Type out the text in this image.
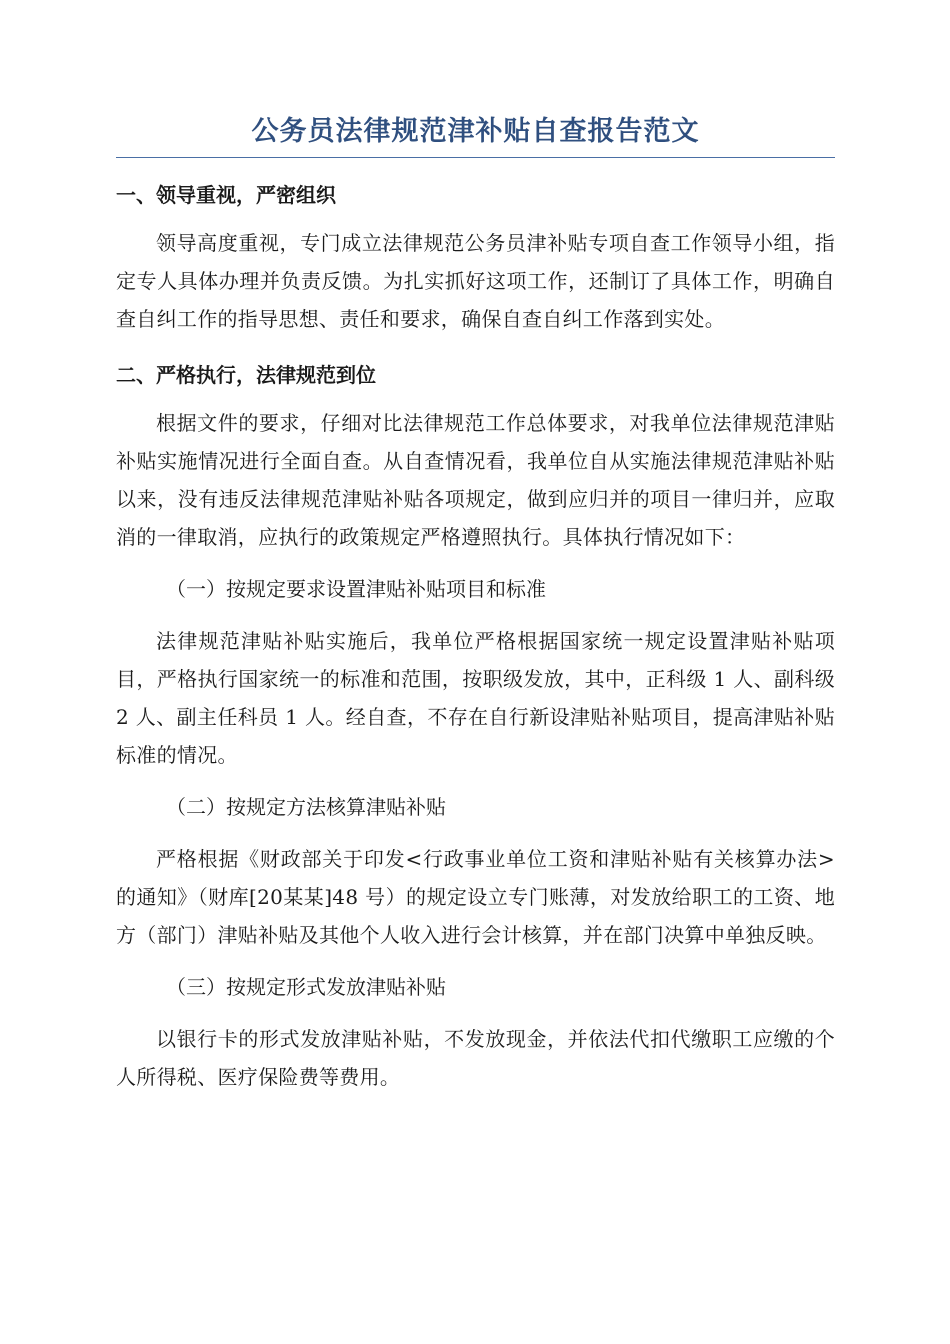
公务员法律规范津补贴自查报告范文
一、领导重视，严密组织

领导高度重视，专门成立法律规范公务员津补贴专项自查工作领导小组，指定专人具体办理并负责反馈。为扎实抓好这项工作，还制订了具体工作，明确自查自纠工作的指导思想、责任和要求，确保自查自纠工作落到实处。

二、严格执行，法律规范到位

根据文件的要求，仔细对比法律规范工作总体要求，对我单位法律规范津贴补贴实施情况进行全面自查。从自查情况看，我单位自从实施法律规范津贴补贴以来，没有违反法律规范津贴补贴各项规定，做到应归并的项目一律归并，应取消的一律取消，应执行的政策规定严格遵照执行。具体执行情况如下：

（一）按规定要求设置津贴补贴项目和标准

法律规范津贴补贴实施后，我单位严格根据国家统一规定设置津贴补贴项目，严格执行国家统一的标准和范围，按职级发放，其中，正科级 1 人、副科级 2 人、副主任科员 1 人。经自查，不存在自行新设津贴补贴项目，提高津贴补贴标准的情况。

（二）按规定方法核算津贴补贴

严格根据《财政部关于印发<行政事业单位工资和津贴补贴有关核算办法>的通知》（财库[20某某]48 号）的规定设立专门账薄，对发放给职工的工资、地方（部门）津贴补贴及其他个人收入进行会计核算，并在部门决算中单独反映。

（三）按规定形式发放津贴补贴

以银行卡的形式发放津贴补贴，不发放现金，并依法代扣代缴职工应缴的个人所得税、医疗保险费等费用。
